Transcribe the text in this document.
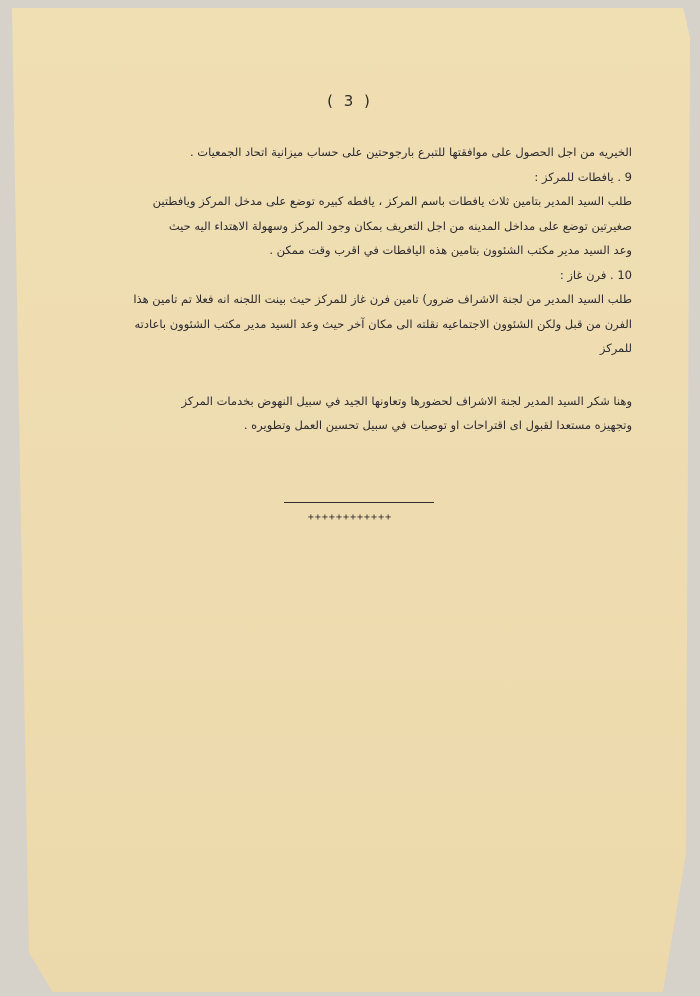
( 3 )
الخيريه من اجل الحصول على موافقتها للتبرع بارجوحتين على حساب ميزانية اتحاد الجمعيات .
9 . يافطات للمركز :
طلب السيد المدير بتامين ثلاث يافطات باسم المركز ، يافطه كبيره توضع على مدخل المركز ويافطتين
صغيرتين توضع على مداخل المدينه من اجل التعريف بمكان وجود المركز وسهولة الاهتداء اليه حيث
وعد السيد مدير مكتب الشئوون بتامين هذه اليافطات في اقرب وقت ممكن .
10 . فرن غاز :
طلب السيد المدير من لجنة الاشراف ضرور) تامين فرن غاز للمركز حيث بينت اللجنه انه فعلا تم تامين هذا
الفرن من قبل ولكن الشئوون الاجتماعيه نقلته الى مكان آخر حيث وعد السيد مدير مكتب الشئوون باعادته
للمركز
وهنا شكر السيد المدير لجنة الاشراف لحضورها وتعاونها الجيد في سبيل النهوض بخدمات المركز
وتجهيزه مستعدا لقبول اى اقتراحات او توصيات في سبيل تحسين العمل وتطويره .
++++++++++++
